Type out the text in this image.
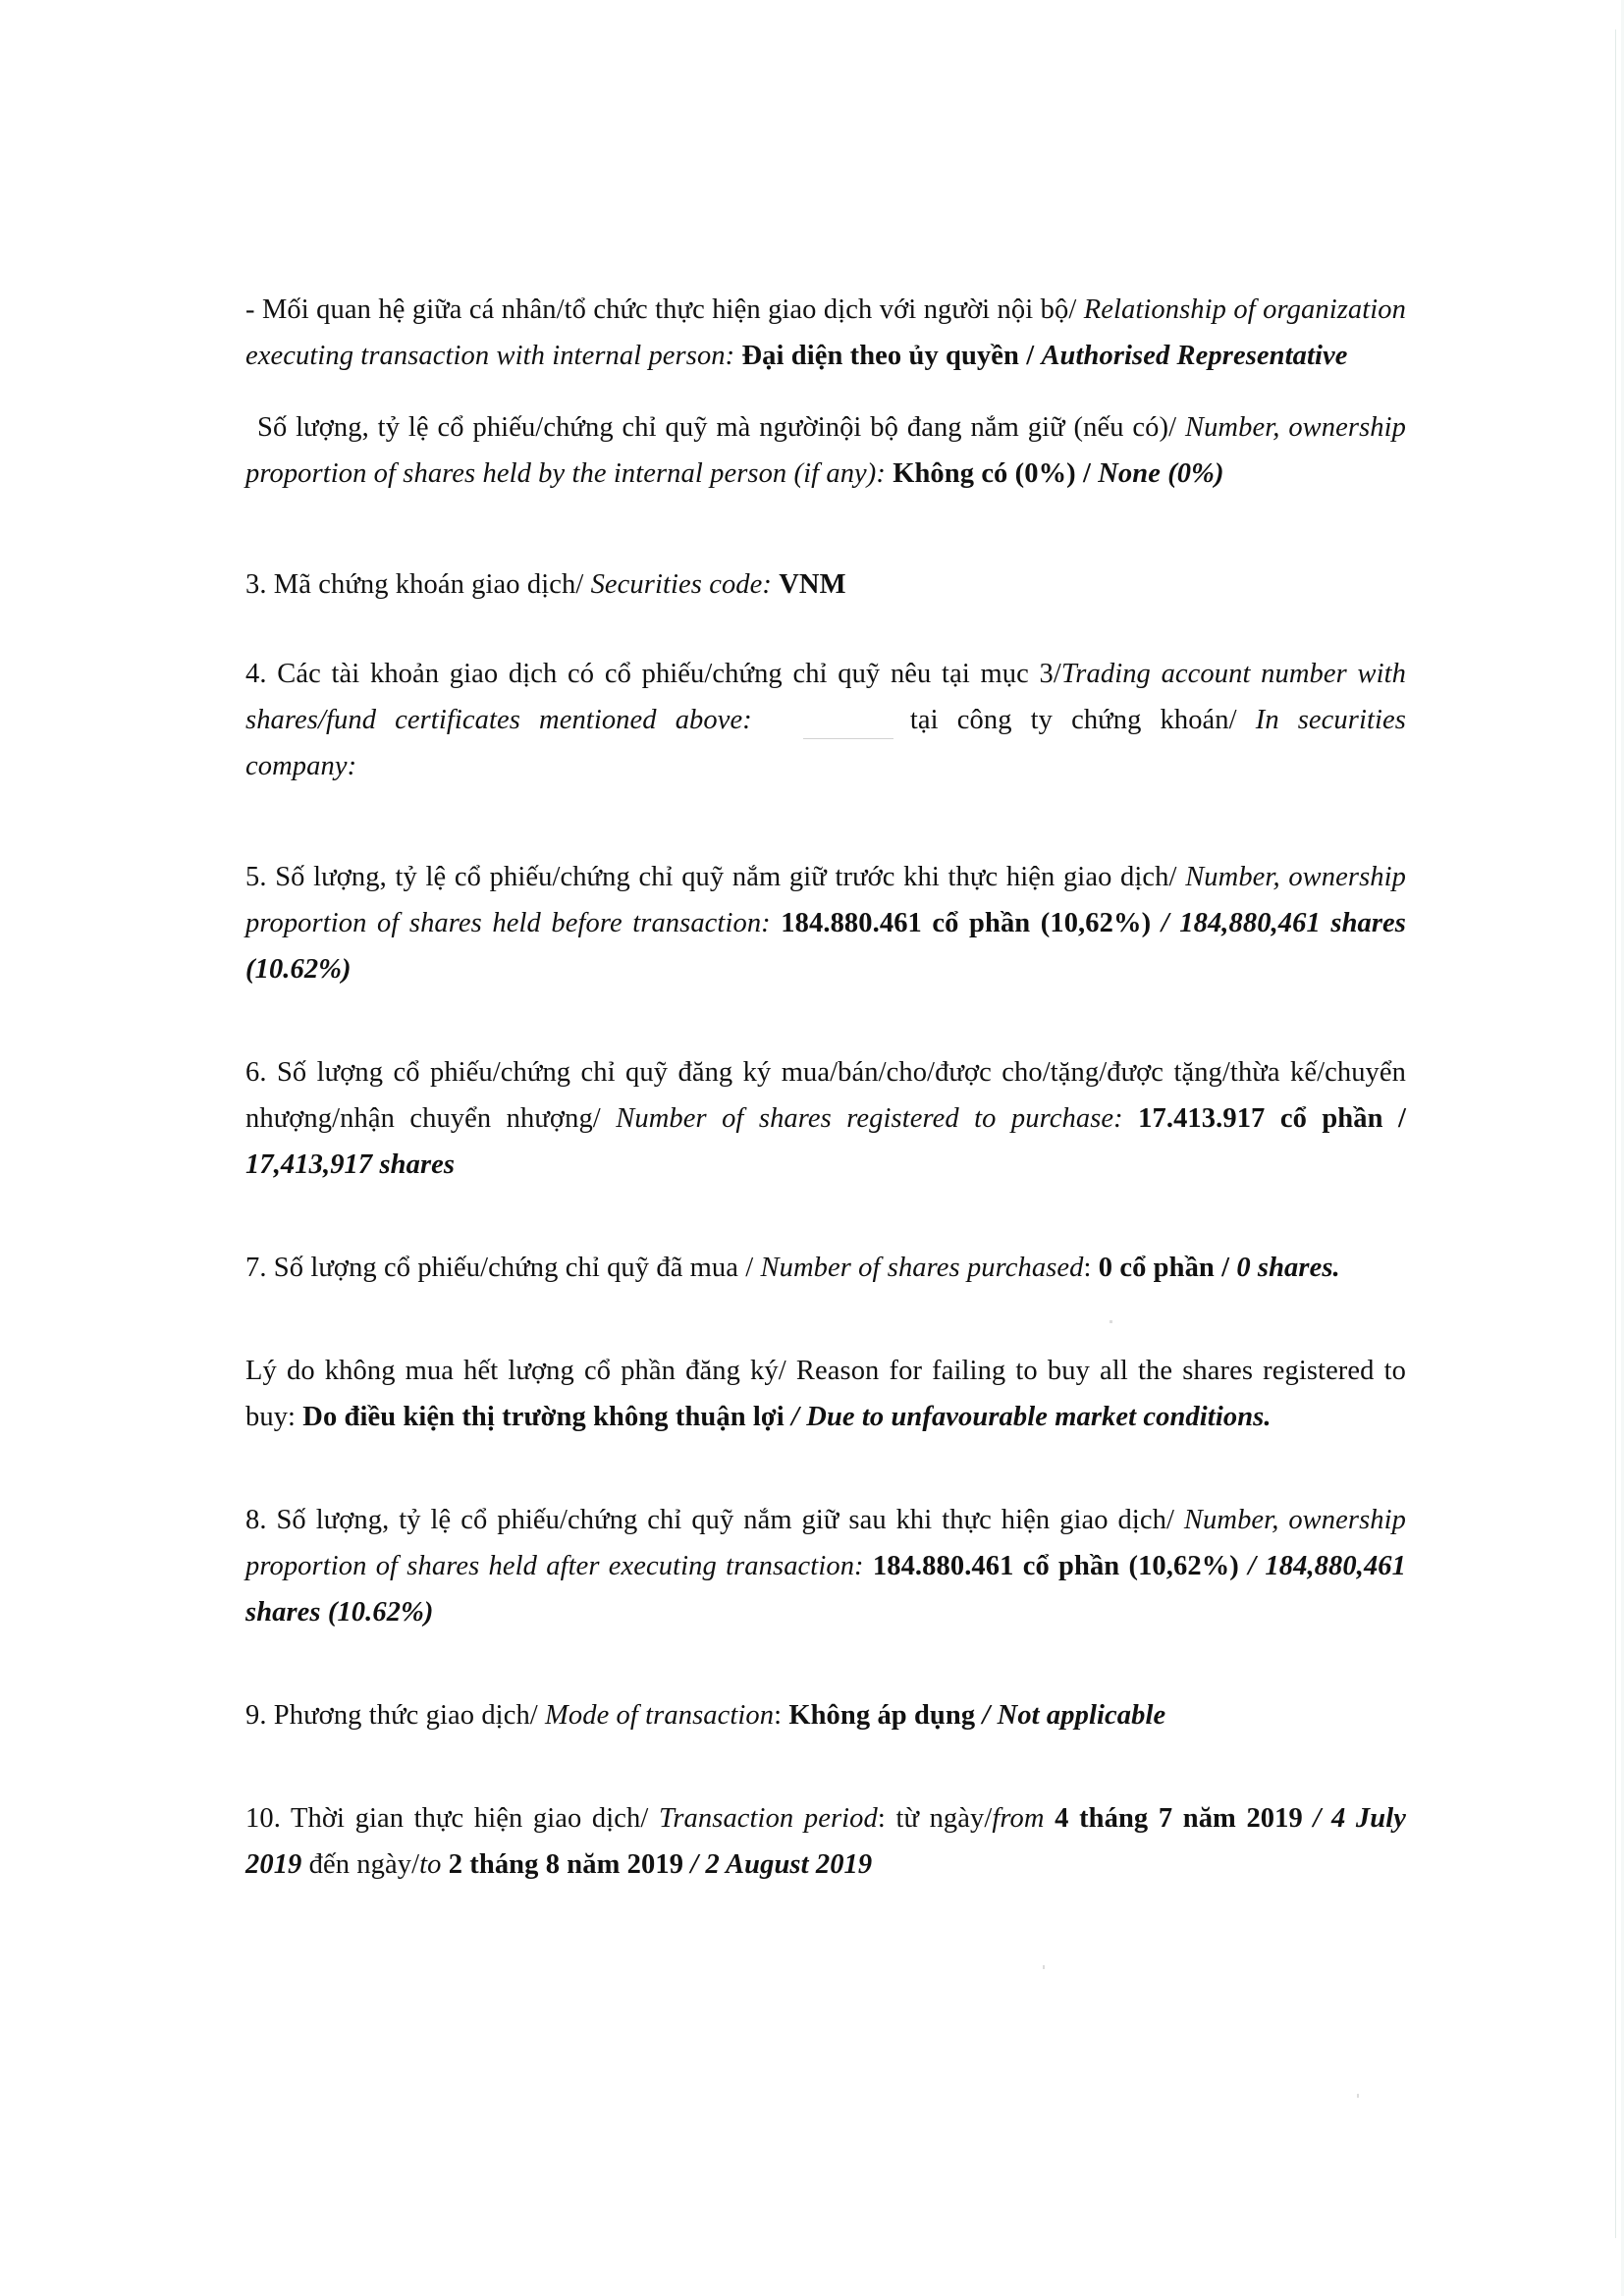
- Mối quan hệ giữa cá nhân/tổ chức thực hiện giao dịch với người nội bộ/ Relationship of organization executing transaction with internal person: Đại diện theo ủy quyền / Authorised Representative

Số lượng, tỷ lệ cổ phiếu/chứng chỉ quỹ mà ngườinội bộ đang nắm giữ (nếu có)/ Number, ownership proportion of shares held by the internal person (if any): Không có (0%) / None (0%)

3. Mã chứng khoán giao dịch/ Securities code: VNM

4. Các tài khoản giao dịch có cổ phiếu/chứng chỉ quỹ nêu tại mục 3/Trading account number with shares/fund certificates mentioned above:	tại công ty chứng khoán/ In securities company:

5. Số lượng, tỷ lệ cổ phiếu/chứng chỉ quỹ nắm giữ trước khi thực hiện giao dịch/ Number, ownership proportion of shares held before transaction: 184.880.461 cổ phần (10,62%) / 184,880,461 shares (10.62%)

6. Số lượng cổ phiếu/chứng chỉ quỹ đăng ký mua/bán/cho/được cho/tặng/được tặng/thừa kế/chuyển nhượng/nhận chuyển nhượng/ Number of shares registered to purchase: 17.413.917 cổ phần / 17,413,917 shares

7. Số lượng cổ phiếu/chứng chỉ quỹ đã mua / Number of shares purchased: 0 cổ phần / 0 shares.

Lý do không mua hết lượng cổ phần đăng ký/ Reason for failing to buy all the shares registered to buy: Do điều kiện thị trường không thuận lợi / Due to unfavourable market conditions.

8. Số lượng, tỷ lệ cổ phiếu/chứng chỉ quỹ nắm giữ sau khi thực hiện giao dịch/ Number, ownership proportion of shares held after executing transaction: 184.880.461 cổ phần (10,62%) / 184,880,461 shares (10.62%)

9. Phương thức giao dịch/ Mode of transaction: Không áp dụng / Not applicable

10. Thời gian thực hiện giao dịch/ Transaction period: từ ngày/from 4 tháng 7 năm 2019 / 4 July 2019 đến ngày/to 2 tháng 8 năm 2019 / 2 August 2019
